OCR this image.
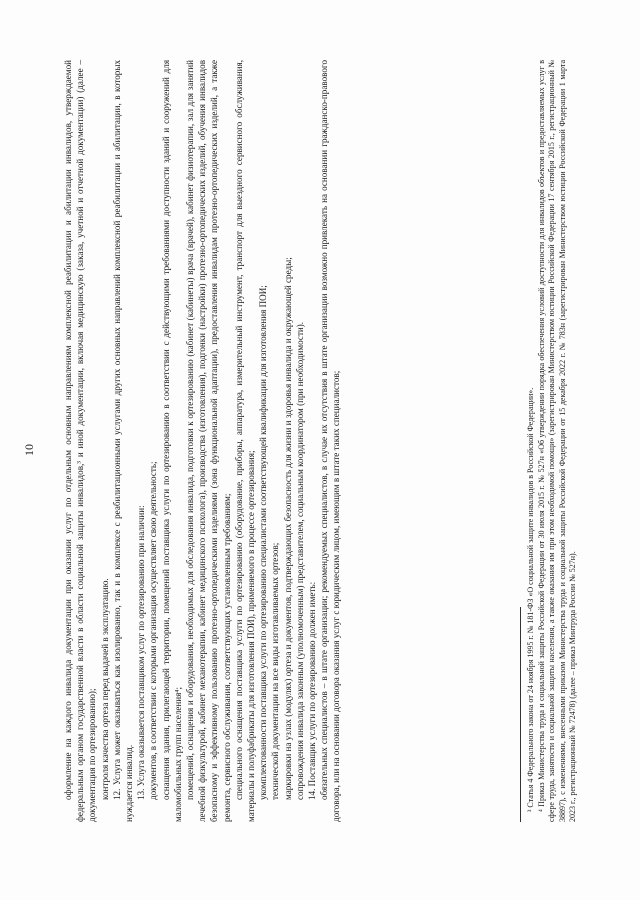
10	оформление на каждого инвалида документации при оказании услуг по отдельным основным направлениям комплексной реабилитации и абилитации инвалидов, утверждаемой федеральным органом государственной власти в области социальной защиты инвалидов,³ и иной документации, включая медицинскую (заказа, учетной и отчетной документации) (далее – документация по ортезированию); контроля качества ортеза перед выдачей в эксплуатацию. 12. Услуга может оказываться как изолированно, так и в комплексе с реабилитационными услугами других основных направлений комплексной реабилитации и абилитации, в которых нуждается инвалид. 13. Услуга оказывается поставщиком услуг по ортезированию при наличии: документов, в соответствии с которыми организация осуществляет свою деятельность; оснащения здания, прилегающей территории, помещений поставщика услуги по ортезированию в соответствии с действующими требованиями доступности зданий и сооружений для маломобильных групп населения⁴; помещений, оснащения и оборудования, необходимых для обследования инвалида, подготовки к ортезированию (кабинет (кабинеты) врача (врачей), кабинет физиотерапии, зал для занятий лечебной физкультурой, кабинет механотерапии, кабинет медицинского психолога), производства (изготовления), подгонки (настройки) протезно-ортопедических изделий, обучения инвалидов безопасному и эффективному пользованию протезно-ортопедическими изделиями (зона функциональной адаптации), предоставления инвалидам протезно-ортопедических изделий, а также ремонта, сервисного обслуживания, соответствующих установленным требованиям; специального оснащения поставщика услуги по ортезированию (оборудование, приборы, аппаратура, измерительный инструмент, транспорт для выездного сервисного обслуживания, материалы и полуфабрикаты для изготовления ПОИ), применяемого в процессе ортезирования; укомплектованности поставщика услуги по ортезированию специалистами соответствующей квалификации для изготовления ПОИ; технической документации на все виды изготавливаемых ортезов; маркировки на узлах (модулях) ортеза и документов, подтверждающих безопасность для жизни и здоровья инвалида и окружающей среды; сопровождения инвалида законным (уполномоченным) представителем, социальным координатором (при необходимости). 14. Поставщик услуги по ортезированию должен иметь: обязательных специалистов – в штате организации; рекомендуемых специалистов, в случае их отсутствия в штате организации возможно привлекать на основании гражданско-правового договора, или на основании договора оказания услуг с юридическим лицом, имеющим в штате таких специалистов;	³ Статья 4 Федерального закона от 24 ноября 1995 г. № 181-ФЗ «О социальной защите инвалидов в Российской Федерации». ⁴ Приказ Министерства труда и социальной защиты Российской Федерации от 30 июля 2015 г. № 527н «Об утверждении порядка обеспечения условий доступности для инвалидов объектов и предоставляемых услуг в сфере труда, занятости и социальной защиты населения, а также оказания им при этом необходимой помощи» (зарегистрирован Министерством юстиции Российской Федерации 17 сентября 2015 г., регистрационный № 38897), с изменениями, внесенными приказом Министерства труда и социальной защиты Российской Федерации от 15 декабря 2022 г. № 783н (зарегистрирован Министерством юстиции Российской Федерации 1 марта 2023 г., регистрационный № 72478) (далее – приказ Минтруда России № 527н).
